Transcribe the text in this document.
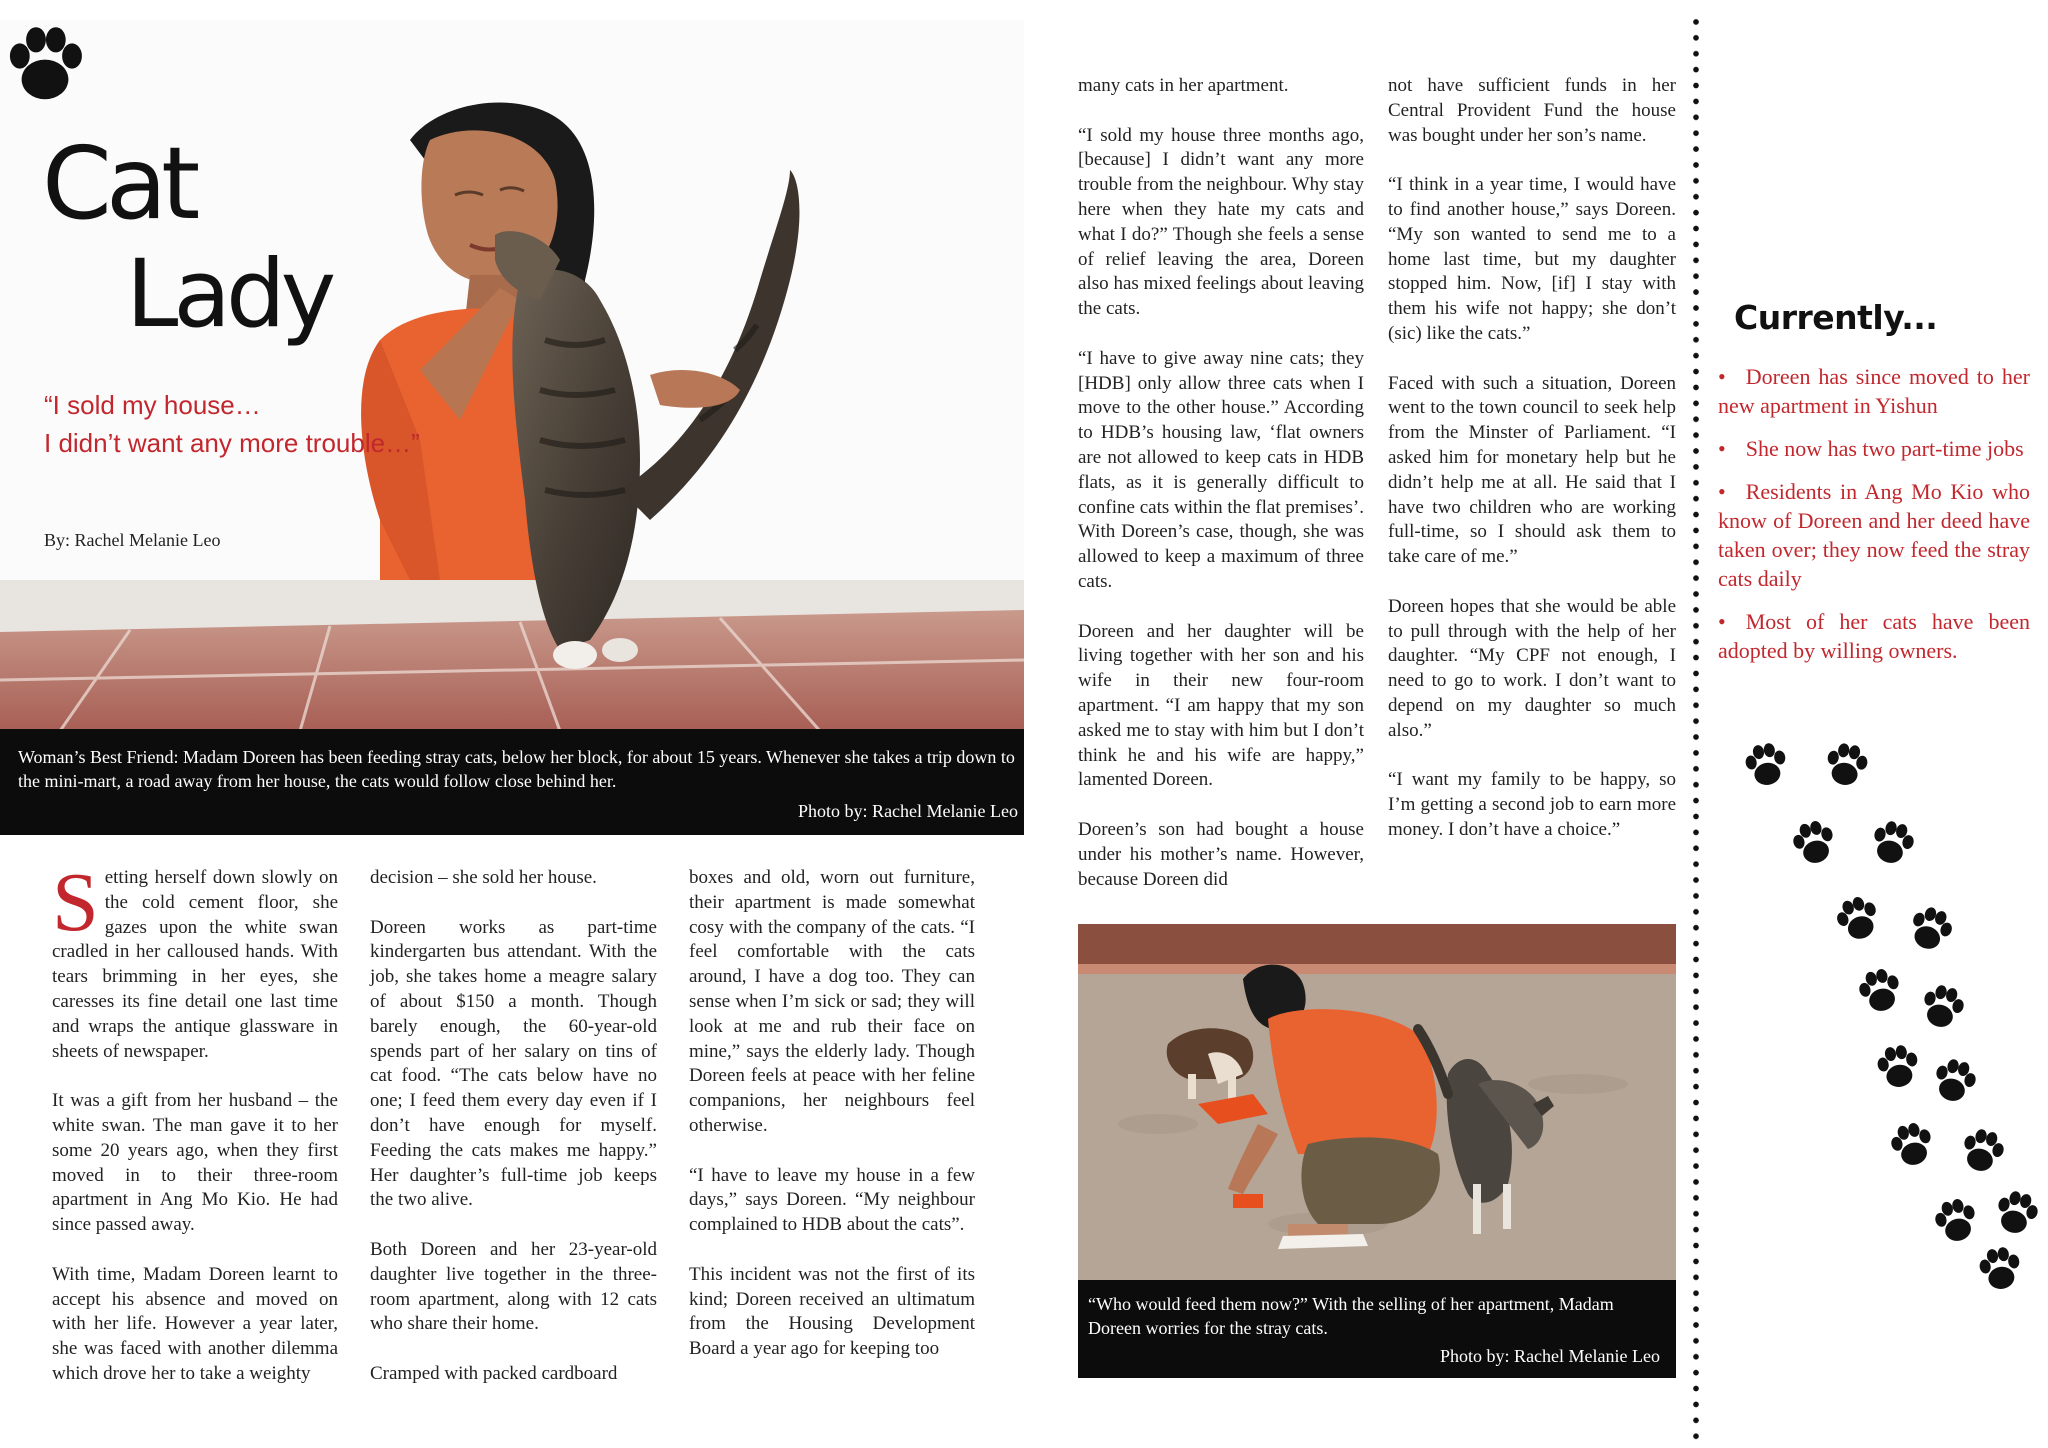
Cat
Lady
“I sold my house…
I didn’t want any more trouble…”
By: Rachel Melanie Leo
Woman’s Best Friend: Madam Doreen has been feeding stray cats, below her block, for about 15 years. Whenever she takes a trip down to the mini-mart, a road away from her house, the cats would follow close behind her.
Photo by: Rachel Melanie Leo

Setting herself down slowly on the cold cement floor, she gazes upon the white swan cradled in her calloused hands. With tears brimming in her eyes, she caresses its fine detail one last time and wraps the antique glassware in sheets of newspaper.

It was a gift from her husband – the white swan. The man gave it to her some 20 years ago, when they first moved in to their three-room apartment in Ang Mo Kio. He had since passed away.

With time, Madam Doreen learnt to accept his absence and moved on with her life. However a year later, she was faced with another dilemma which drove her to take a weighty

decision – she sold her house.

Doreen works as part-time kindergarten bus attendant. With the job, she takes home a meagre salary of about $150 a month. Though barely enough, the 60-year-old spends part of her salary on tins of cat food. “The cats below have no one; I feed them every day even if I don’t have enough for myself. Feeding the cats makes me happy.” Her daughter’s full-time job keeps the two alive.

Both Doreen and her 23-year-old daughter live together in the three-room apartment, along with 12 cats who share their home.

Cramped with packed cardboard

boxes and old, worn out furniture, their apartment is made somewhat cosy with the company of the cats. “I feel comfortable with the cats around, I have a dog too. They can sense when I’m sick or sad; they will look at me and rub their face on mine,” says the elderly lady. Though Doreen feels at peace with her feline companions, her neighbours feel otherwise.

“I have to leave my house in a few days,” says Doreen. “My neighbour complained to HDB about the cats”.

This incident was not the first of its kind; Doreen received an ultimatum from the Housing Development Board a year ago for keeping too

many cats in her apartment.

“I sold my house three months ago, [because] I didn’t want any more trouble from the neighbour. Why stay here when they hate my cats and what I do?” Though she feels a sense of relief leaving the area, Doreen also has mixed feelings about leaving the cats.

“I have to give away nine cats; they [HDB] only allow three cats when I move to the other house.” According to HDB’s housing law, ‘flat owners are not allowed to keep cats in HDB flats, as it is generally difficult to confine cats within the flat premises’. With Doreen’s case, though, she was allowed to keep a maximum of three cats.

Doreen and her daughter will be living together with her son and his wife in their new four-room apartment. “I am happy that my son asked me to stay with him but I don’t think he and his wife are happy,” lamented Doreen.

Doreen’s son had bought a house under his mother’s name. However, because Doreen did

not have sufficient funds in her Central Provident Fund the house was bought under her son’s name.

“I think in a year time, I would have to find another house,” says Doreen. “My son wanted to send me to a home last time, but my daughter stopped him. Now, [if] I stay with them his wife not happy; she don’t (sic) like the cats.”

Faced with such a situation, Doreen went to the town council to seek help from the Minster of Parliament. “I asked him for monetary help but he didn’t help me at all. He said that I have two children who are working full-time, so I should ask them to take care of me.”

Doreen hopes that she would be able to pull through with the help of her daughter. “My CPF not enough, I need to go to work. I don’t want to depend on my daughter so much also.”

“I want my family to be happy, so I’m getting a second job to earn more money. I don’t have a choice.”

“Who would feed them now?” With the selling of her apartment, Madam Doreen worries for the stray cats.
Photo by: Rachel Melanie Leo
Currently...
• Doreen has since moved to her new apartment in Yishun
• She now has two part-time jobs
• Residents in Ang Mo Kio who know of Doreen and her deed have taken over; they now feed the stray cats daily
• Most of her cats have been adopted by willing owners.
